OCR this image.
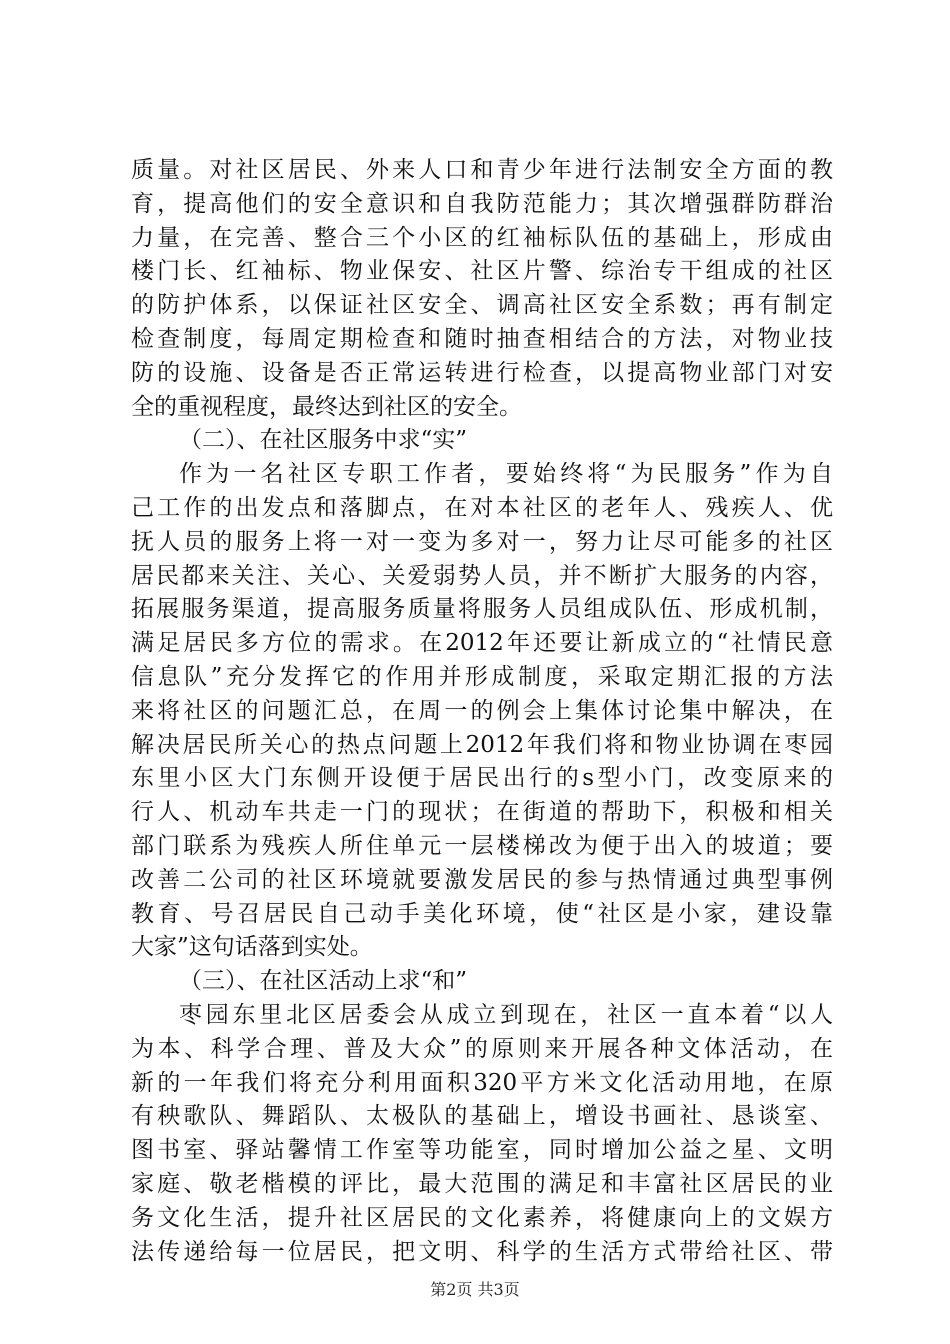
质量。对社区居民、外来人口和青少年进行法制安全方面的教
育，提高他们的安全意识和自我防范能力；其次增强群防群治
力量，在完善、整合三个小区的红袖标队伍的基础上，形成由
楼门长、红袖标、物业保安、社区片警、综治专干组成的社区
的防护体系，以保证社区安全、调高社区安全系数；再有制定
检查制度，每周定期检查和随时抽查相结合的方法，对物业技
防的设施、设备是否正常运转进行检查，以提高物业部门对安
全的重视程度，最终达到社区的安全。
（二）、在社区服务中求“实”
作为一名社区专职工作者，要始终将“为民服务”作为自
己工作的出发点和落脚点，在对本社区的老年人、残疾人、优
抚人员的服务上将一对一变为多对一，努力让尽可能多的社区
居民都来关注、关心、关爱弱势人员，并不断扩大服务的内容，
拓展服务渠道，提高服务质量将服务人员组成队伍、形成机制，
满足居民多方位的需求。在2012年还要让新成立的“社情民意
信息队”充分发挥它的作用并形成制度，采取定期汇报的方法
来将社区的问题汇总，在周一的例会上集体讨论集中解决，在
解决居民所关心的热点问题上2012年我们将和物业协调在枣园
东里小区大门东侧开设便于居民出行的s型小门，改变原来的
行人、机动车共走一门的现状；在街道的帮助下，积极和相关
部门联系为残疾人所住单元一层楼梯改为便于出入的坡道；要
改善二公司的社区环境就要激发居民的参与热情通过典型事例
教育、号召居民自己动手美化环境，使“社区是小家，建设靠
大家”这句话落到实处。
（三）、在社区活动上求“和”
枣园东里北区居委会从成立到现在，社区一直本着“以人
为本、科学合理、普及大众”的原则来开展各种文体活动，在
新的一年我们将充分利用面积320平方米文化活动用地，在原
有秧歌队、舞蹈队、太极队的基础上，增设书画社、恳谈室、
图书室、驿站馨情工作室等功能室，同时增加公益之星、文明
家庭、敬老楷模的评比，最大范围的满足和丰富社区居民的业
务文化生活，提升社区居民的文化素养，将健康向上的文娱方
法传递给每一位居民，把文明、科学的生活方式带给社区、带
第2页 共3页
